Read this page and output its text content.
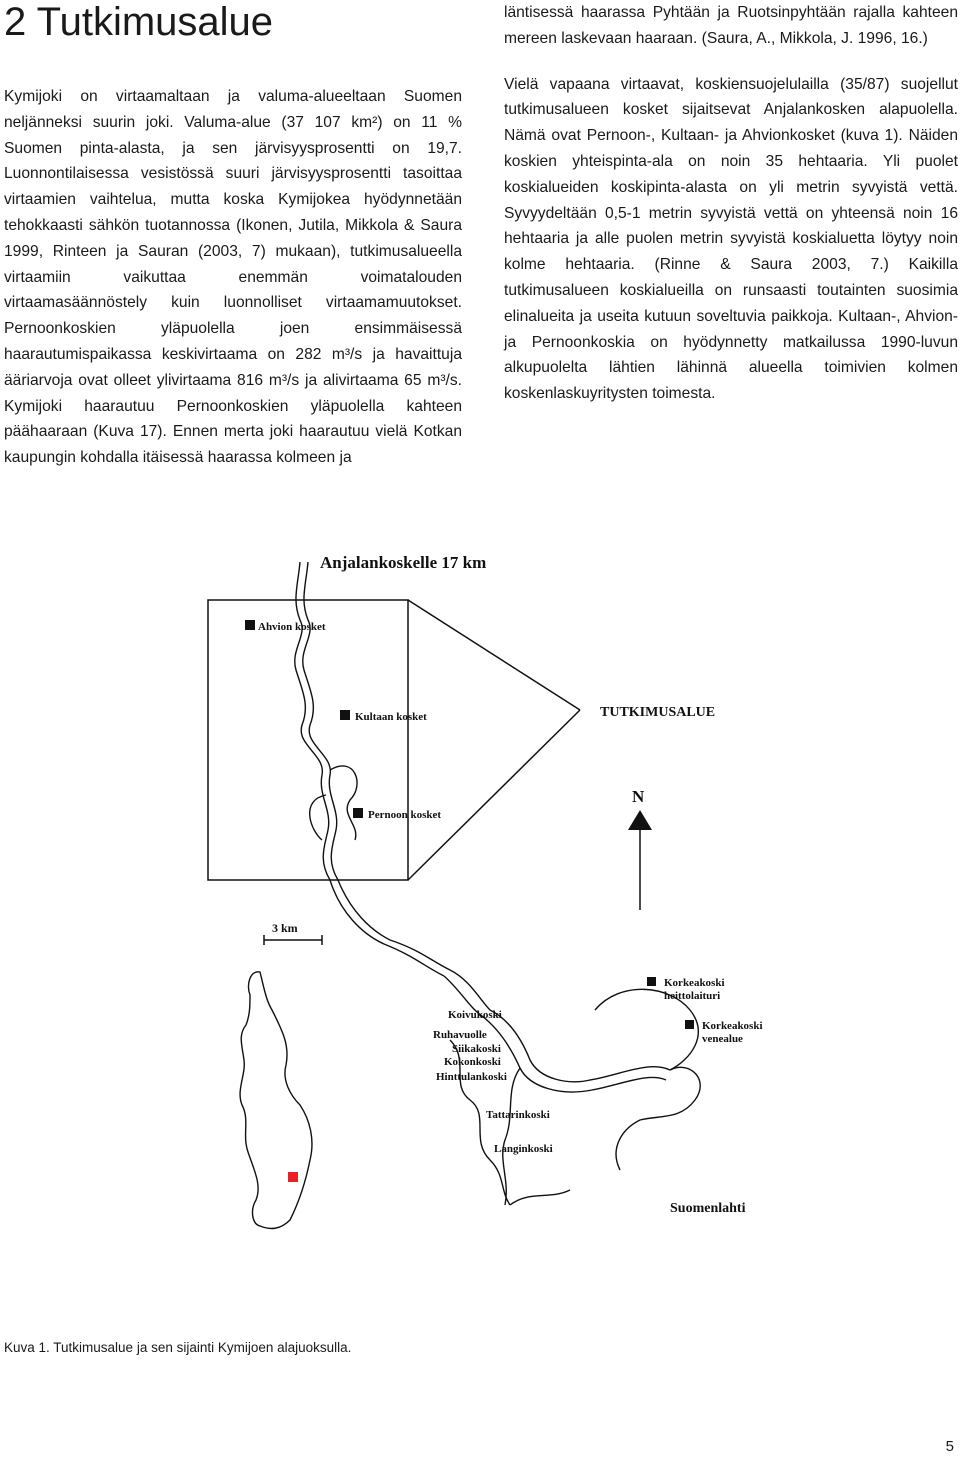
2 Tutkimusalue

Kymijoki on virtaamaltaan ja valuma-alueeltaan Suomen neljänneksi suurin joki. Valuma-alue (37 107 km²) on 11 % Suomen pinta-alasta, ja sen järvisyysprosentti on 19,7. Luonnontilaisessa vesistössä suuri järvisyysprosentti tasoittaa virtaamien vaihtelua, mutta koska Kymijokea hyödynnetään tehokkaasti sähkön tuotannossa (Ikonen, Jutila, Mikkola & Saura 1999, Rinteen ja Sauran (2003, 7) mukaan), tutkimusalueella virtaamiin vaikuttaa enemmän voimatalouden virtaamasäännöstely kuin luonnolliset virtaamamuutokset. Pernoonkoskien yläpuolella joen ensimmäisessä haarautumispaikassa keskivirtaama on 282 m³/s ja havaittuja ääriarvoja ovat olleet ylivirtaama 816 m³/s ja alivirtaama 65 m³/s. Kymijoki haarautuu Pernoonkoskien yläpuolella kahteen päähaaraan (Kuva 17). Ennen merta joki haarautuu vielä Kotkan kaupungin kohdalla itäisessä haarassa kolmeen ja

läntisessä haarassa Pyhtään ja Ruotsinpyhtään rajalla kahteen mereen laskevaan haaraan. (Saura, A., Mikkola, J. 1996, 16.)

Vielä vapaana virtaavat, koskiensuojelulailla (35/87) suojellut tutkimusalueen kosket sijaitsevat Anjalankosken alapuolella. Nämä ovat Pernoon-, Kultaan- ja Ahvionkosket (kuva 1). Näiden koskien yhteispinta-ala on noin 35 hehtaaria. Yli puolet koskialueiden koskipinta-alasta on yli metrin syvyistä vettä. Syvyydeltään 0,5-1 metrin syvyistä vettä on yhteensä noin 16 hehtaaria ja alle puolen metrin syvyistä koskialuetta löytyy noin kolme hehtaaria. (Rinne & Saura 2003, 7.) Kaikilla tutkimusalueen koskialueilla on runsaasti toutainten suosimia elinalueita ja useita kutuun soveltuvia paikkoja. Kultaan-, Ahvion- ja Pernoonkoskia on hyödynnetty matkailussa 1990-luvun alkupuolelta lähtien lähinnä alueella toimivien kolmen koskenlaskuyritysten toimesta.

Anjalankoskelle 17 km
TUTKIMUSALUE
Ahvion kosket
Kultaan kosket
Pernoon kosket
N
3 km
Korkeakoski
heittolaituri
Korkeakoski
venealue
Koivukoski
Ruhavuolle
Siikakoski
Kokonkoski
Hinttulankoski
Tattarinkoski
Langinkoski
Suomenlahti

Kuva 1. Tutkimusalue ja sen sijainti Kymijoen alajuoksulla.

5
